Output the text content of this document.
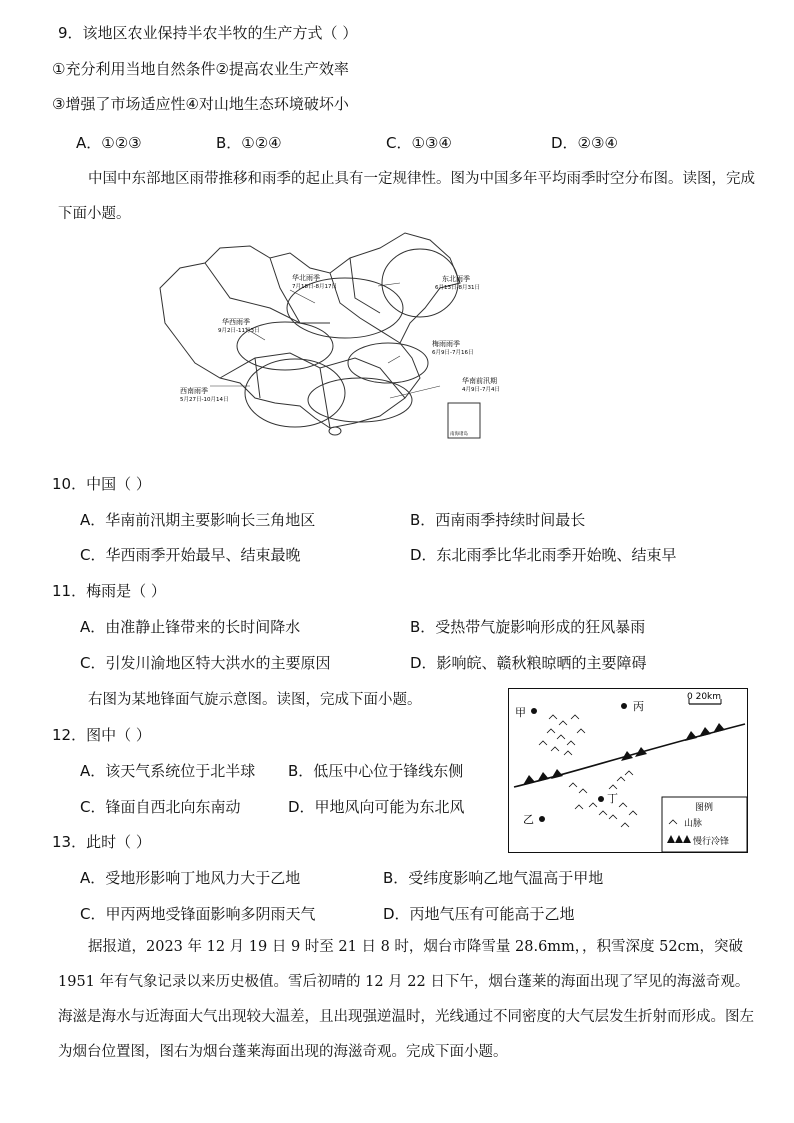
9．该地区农业保持半农半牧的生产方式（ ）
①充分利用当地自然条件②提高农业生产效率
③增强了市场适应性④对山地生态环境破坏小
A．①②③	B．①②④	C．①③④	D．②③④
中国中东部地区雨带推移和雨季的起止具有一定规律性。图为中国多年平均雨季时空分布图。读图，完成下面小题。
华北雨季
7月18日-8月17日
东北雨季
6月13日-8月31日
华西雨季
9月2日-11月3日
梅雨雨季
6月9日-7月16日
西南雨季
5月27日-10月14日
华南前汛期
4月9日-7月4日
南海诸岛
10．中国（ ）
A．华南前汛期主要影响长三角地区	B．西南雨季持续时间最长
C．华西雨季开始最早、结束最晚	D．东北雨季比华北雨季开始晚、结束早
11．梅雨是（ ）
A．由准静止锋带来的长时间降水	B．受热带气旋影响形成的狂风暴雨
C．引发川渝地区特大洪水的主要原因	D．影响皖、赣秋粮晾晒的主要障碍
右图为某地锋面气旋示意图。读图，完成下面小题。	0 20km
甲	丙
乙
丁
图例
山脉
慢行冷锋
12．图中（ ）
A．该天气系统位于北半球 B．低压中心位于锋线东侧
C．锋面自西北向东南动	D．甲地风向可能为东北风
13．此时（ ）
A．受地形影响丁地风力大于乙地	B．受纬度影响乙地气温高于甲地
C．甲丙两地受锋面影响多阴雨天气	D．丙地气压有可能高于乙地
据报道，2023 年 12 月 19 日 9 时至 21 日 8 时，烟台市降雪量 28.6mm，，积雪深度 52cm，突破 1951 年有气象记录以来历史极值。雪后初晴的 12 月 22 日下午，烟台蓬莱的海面出现了罕见的海滋奇观。海滋是海水与近海面大气出现较大温差，且出现强逆温时，光线通过不同密度的大气层发生折射而形成。图左为烟台位置图，图右为烟台蓬莱海面出现的海滋奇观。完成下面小题。
